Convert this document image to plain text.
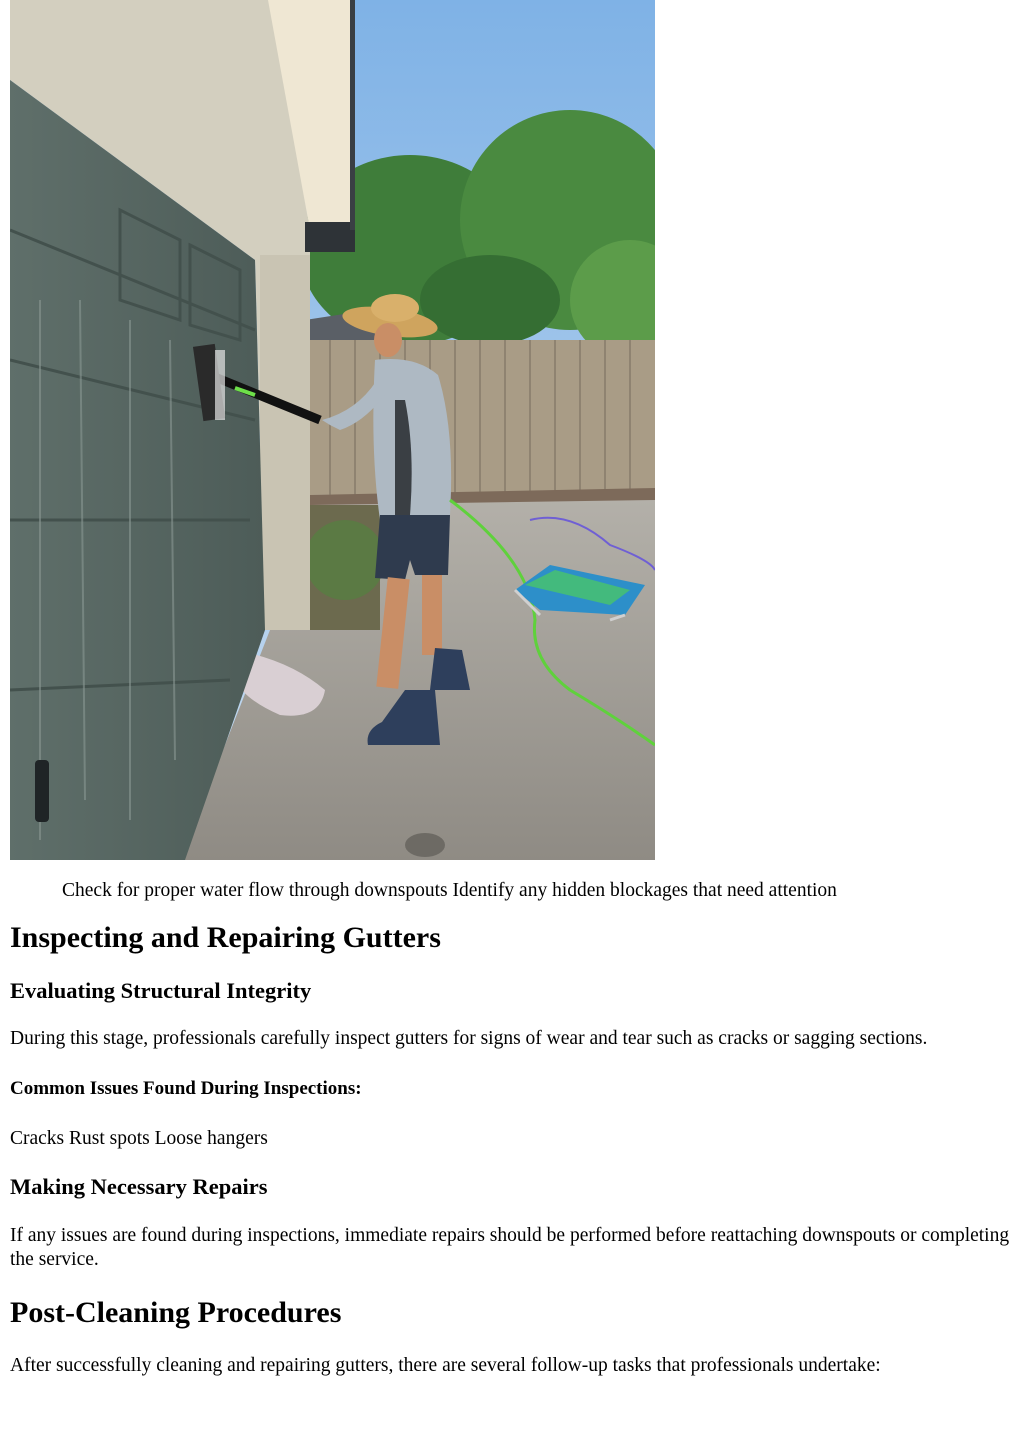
Check for proper water flow through downspouts Identify any hidden blockages that need attention
Inspecting and Repairing Gutters
Evaluating Structural Integrity

During this stage, professionals carefully inspect gutters for signs of wear and tear such as cracks or sagging sections.

Common Issues Found During Inspections:

Cracks Rust spots Loose hangers

Making Necessary Repairs

If any issues are found during inspections, immediate repairs should be performed before reattaching downspouts or completing the service.

Post-Cleaning Procedures

After successfully cleaning and repairing gutters, there are several follow-up tasks that professionals undertake:
